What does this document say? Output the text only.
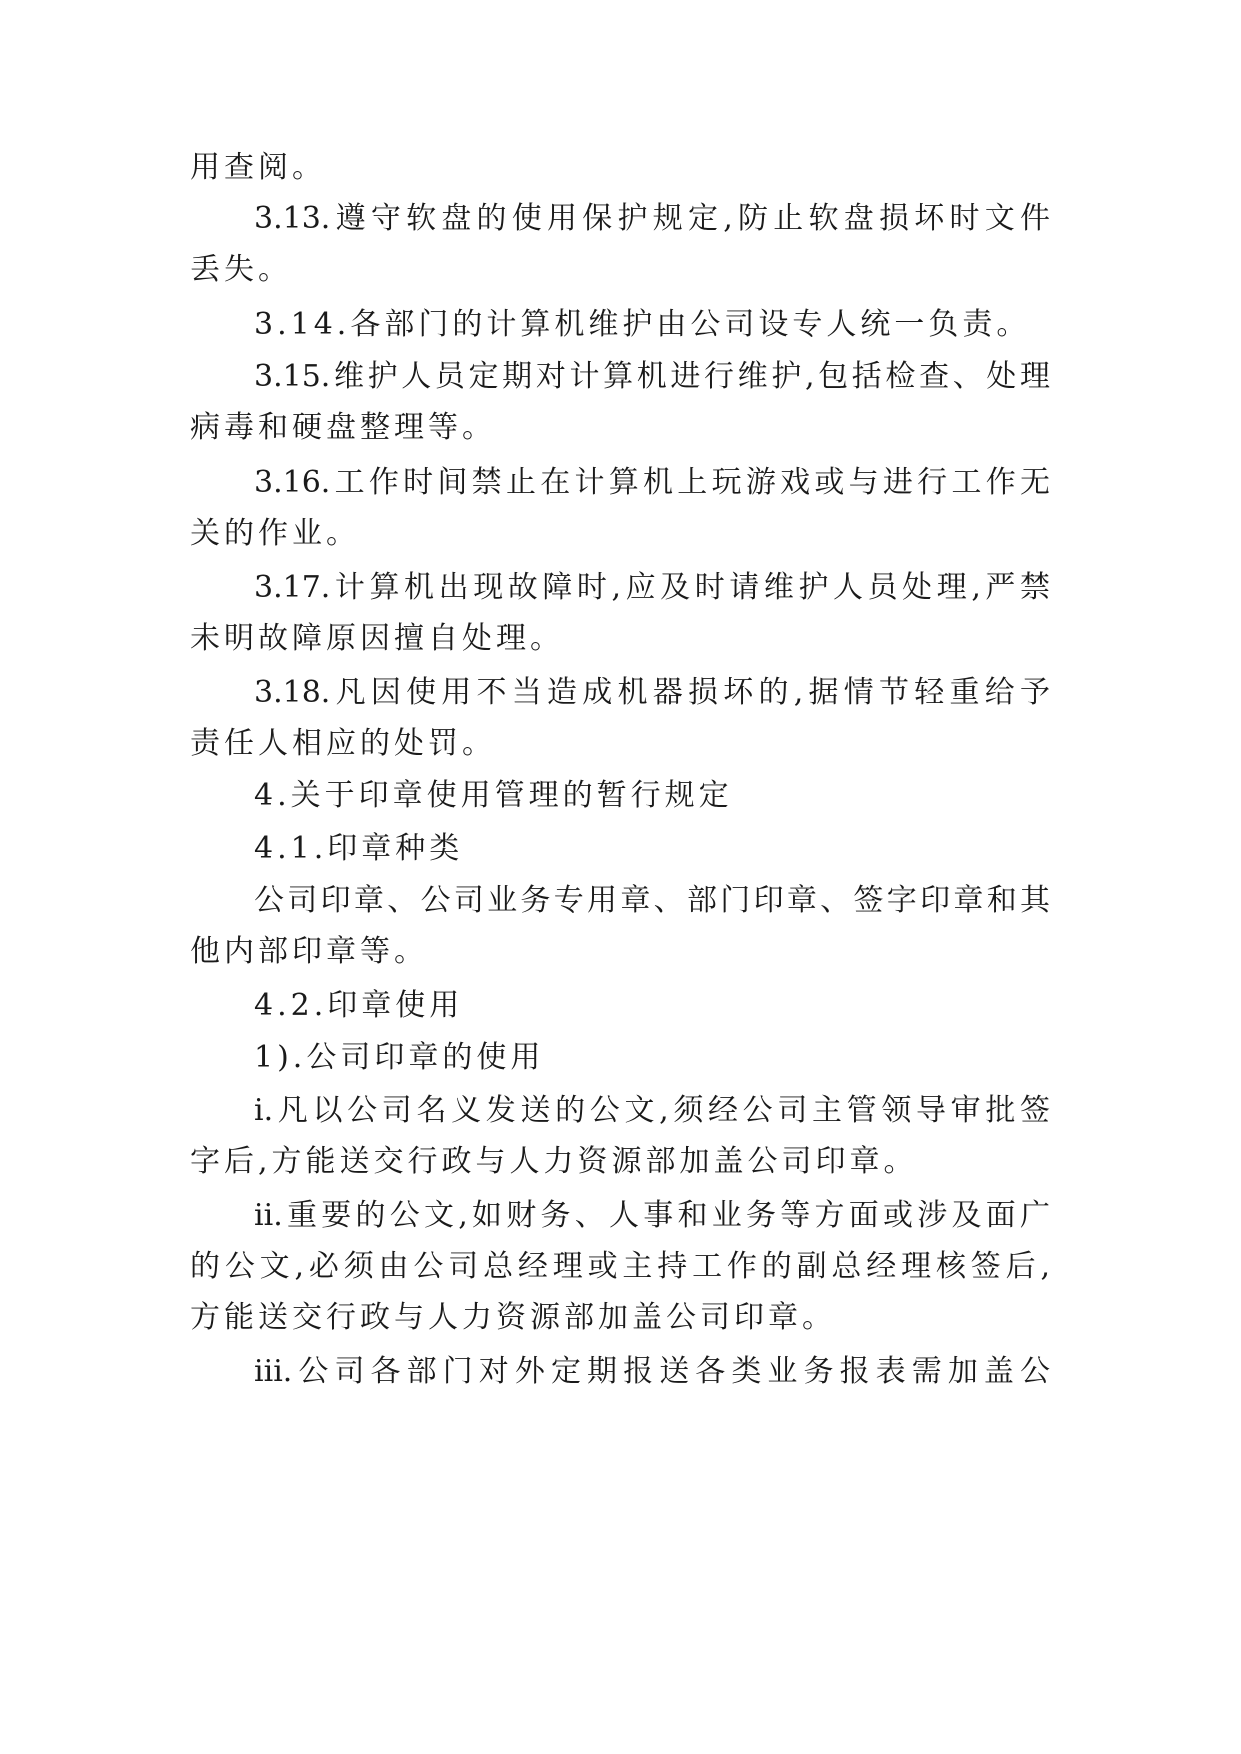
用查阅。
3.13.遵守软盘的使用保护规定,防止软盘损坏时文件
丢失。
3.14.各部门的计算机维护由公司设专人统一负责。
3.15.维护人员定期对计算机进行维护,包括检查、处理
病毒和硬盘整理等。
3.16.工作时间禁止在计算机上玩游戏或与进行工作无
关的作业。
3.17.计算机出现故障时,应及时请维护人员处理,严禁
未明故障原因擅自处理。
3.18.凡因使用不当造成机器损坏的,据情节轻重给予
责任人相应的处罚。
4.关于印章使用管理的暂行规定
4.1.印章种类
公司印章、公司业务专用章、部门印章、签字印章和其
他内部印章等。
4.2.印章使用
1).公司印章的使用
i.凡以公司名义发送的公文,须经公司主管领导审批签
字后,方能送交行政与人力资源部加盖公司印章。
ii.重要的公文,如财务、人事和业务等方面或涉及面广
的公文,必须由公司总经理或主持工作的副总经理核签后,
方能送交行政与人力资源部加盖公司印章。
iii.公司各部门对外定期报送各类业务报表需加盖公
